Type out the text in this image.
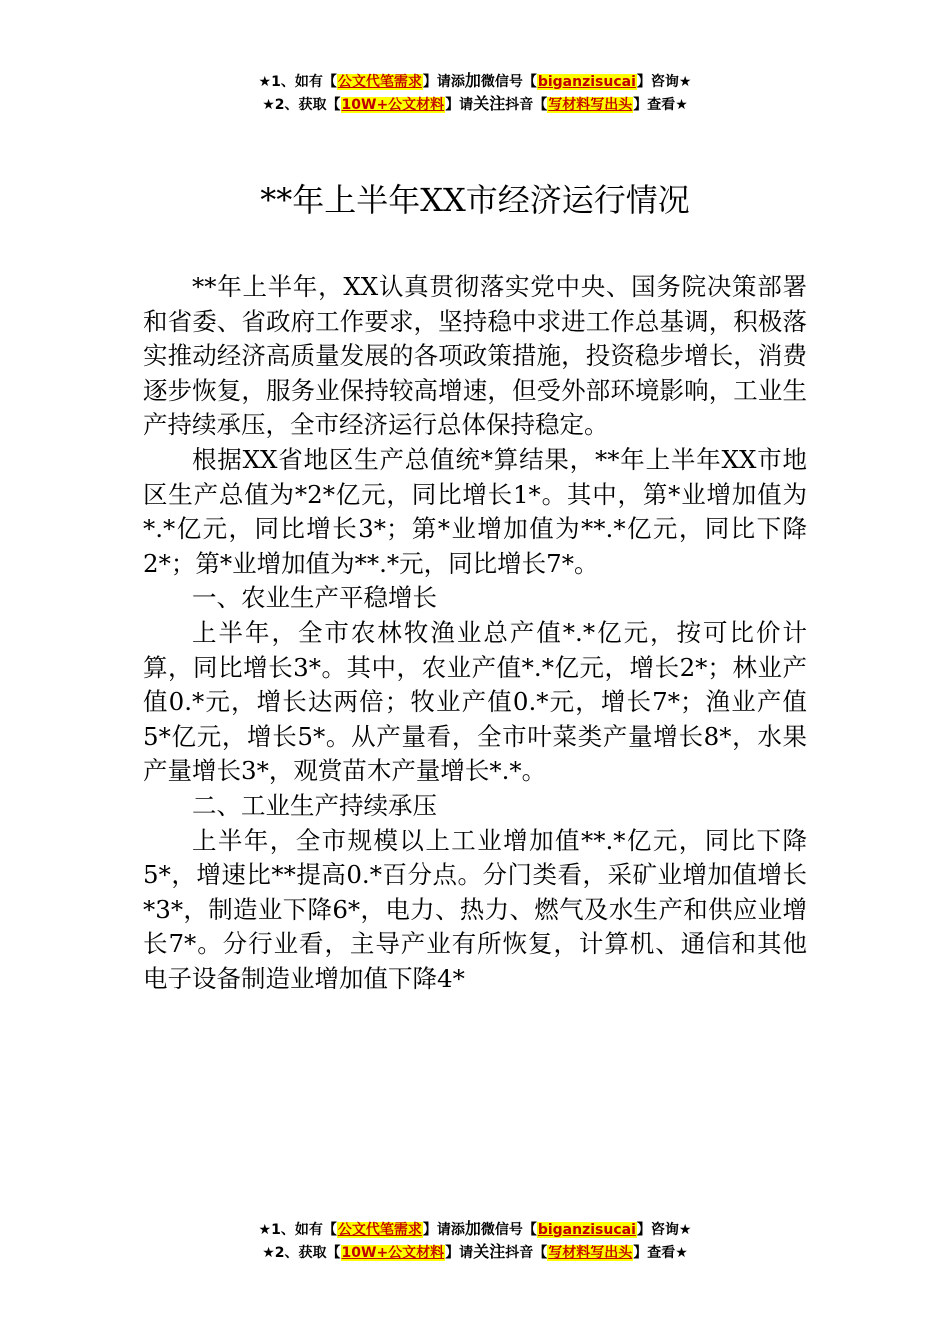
★1、如有【公文代笔需求】请添加微信号【biganzisucai】咨询★
★2、获取【10W+公文材料】请关注抖音【写材料写出头】查看★
**年上半年XX市经济运行情况

**年上半年，XX认真贯彻落实党中央、国务院决策部署和省委、省政府工作要求，坚持稳中求进工作总基调，积极落实推动经济高质量发展的各项政策措施，投资稳步增长，消费逐步恢复，服务业保持较高增速，但受外部环境影响，工业生产持续承压，全市经济运行总体保持稳定。

根据XX省地区生产总值统*算结果，**年上半年XX市地区生产总值为*2*亿元，同比增长1*。其中，第*业增加值为*.*亿元，同比增长3*；第*业增加值为**.*亿元，同比下降2*；第*业增加值为**.*元，同比增长7*。

一、农业生产平稳增长

上半年，全市农林牧渔业总产值*.*亿元，按可比价计算，同比增长3*。其中，农业产值*.*亿元，增长2*；林业产值0.*元，增长达两倍；牧业产值0.*元，增长7*；渔业产值5*亿元，增长5*。从产量看，全市叶菜类产量增长8*，水果产量增长3*，观赏苗木产量增长*.*。

二、工业生产持续承压

上半年，全市规模以上工业增加值**.*亿元，同比下降5*，增速比**提高0.*百分点。分门类看，采矿业增加值增长*3*，制造业下降6*，电力、热力、燃气及水生产和供应业增长7*。分行业看，主导产业有所恢复，计算机、通信和其他电子设备制造业增加值下降4*

★1、如有【公文代笔需求】请添加微信号【biganzisucai】咨询★
★2、获取【10W+公文材料】请关注抖音【写材料写出头】查看★
